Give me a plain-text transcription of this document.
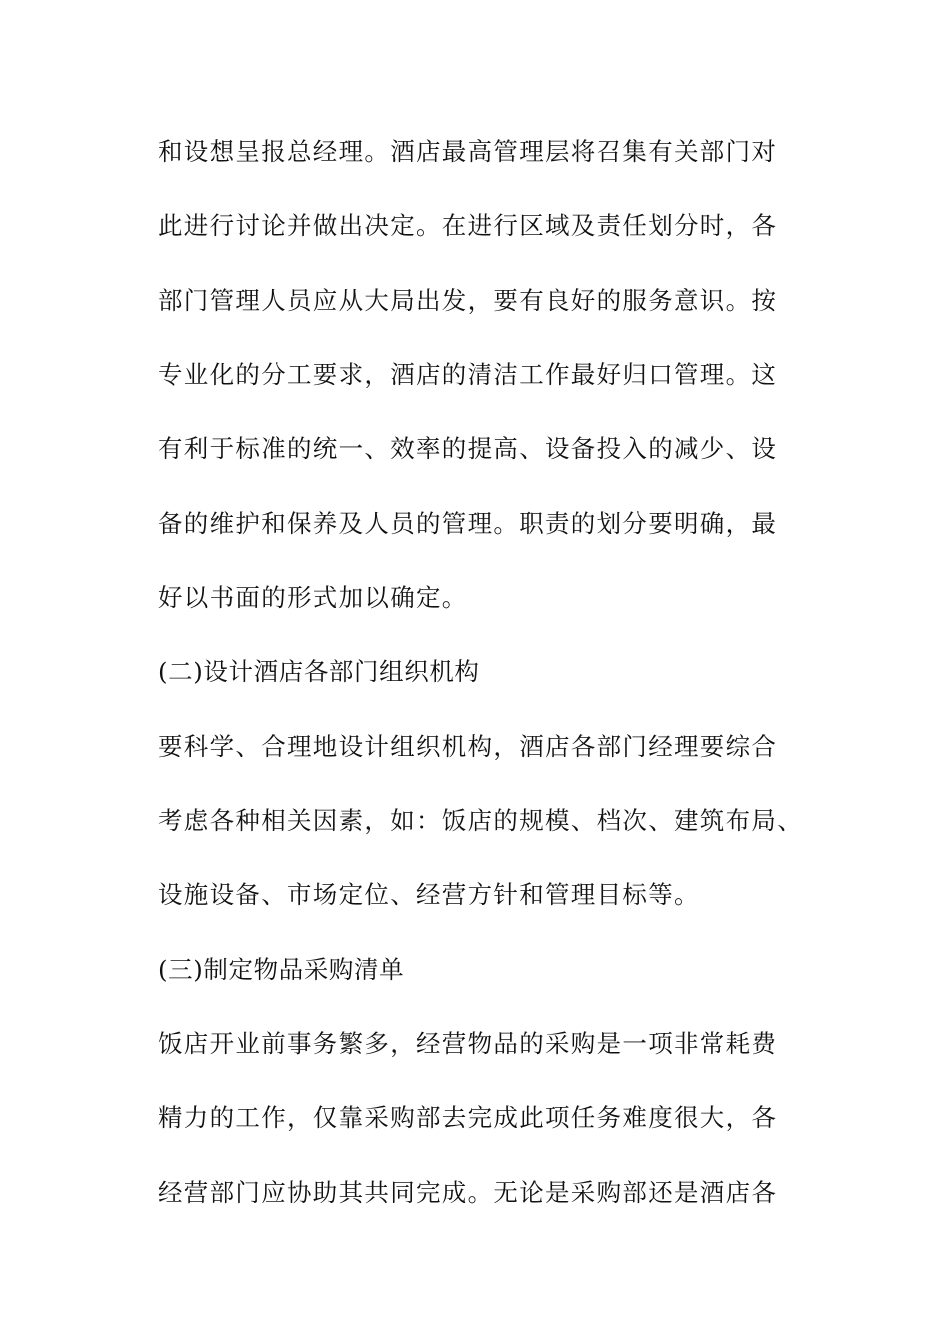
和设想呈报总经理。酒店最高管理层将召集有关部门对
此进行讨论并做出决定。在进行区域及责任划分时，各
部门管理人员应从大局出发，要有良好的服务意识。按
专业化的分工要求，酒店的清洁工作最好归口管理。这
有利于标准的统一、效率的提高、设备投入的减少、设
备的维护和保养及人员的管理。职责的划分要明确，最
好以书面的形式加以确定。
(二)设计酒店各部门组织机构
要科学、合理地设计组织机构，酒店各部门经理要综合
考虑各种相关因素，如：饭店的规模、档次、建筑布局、
设施设备、市场定位、经营方针和管理目标等。
(三)制定物品采购清单
饭店开业前事务繁多，经营物品的采购是一项非常耗费
精力的工作，仅靠采购部去完成此项任务难度很大，各
经营部门应协助其共同完成。无论是采购部还是酒店各
